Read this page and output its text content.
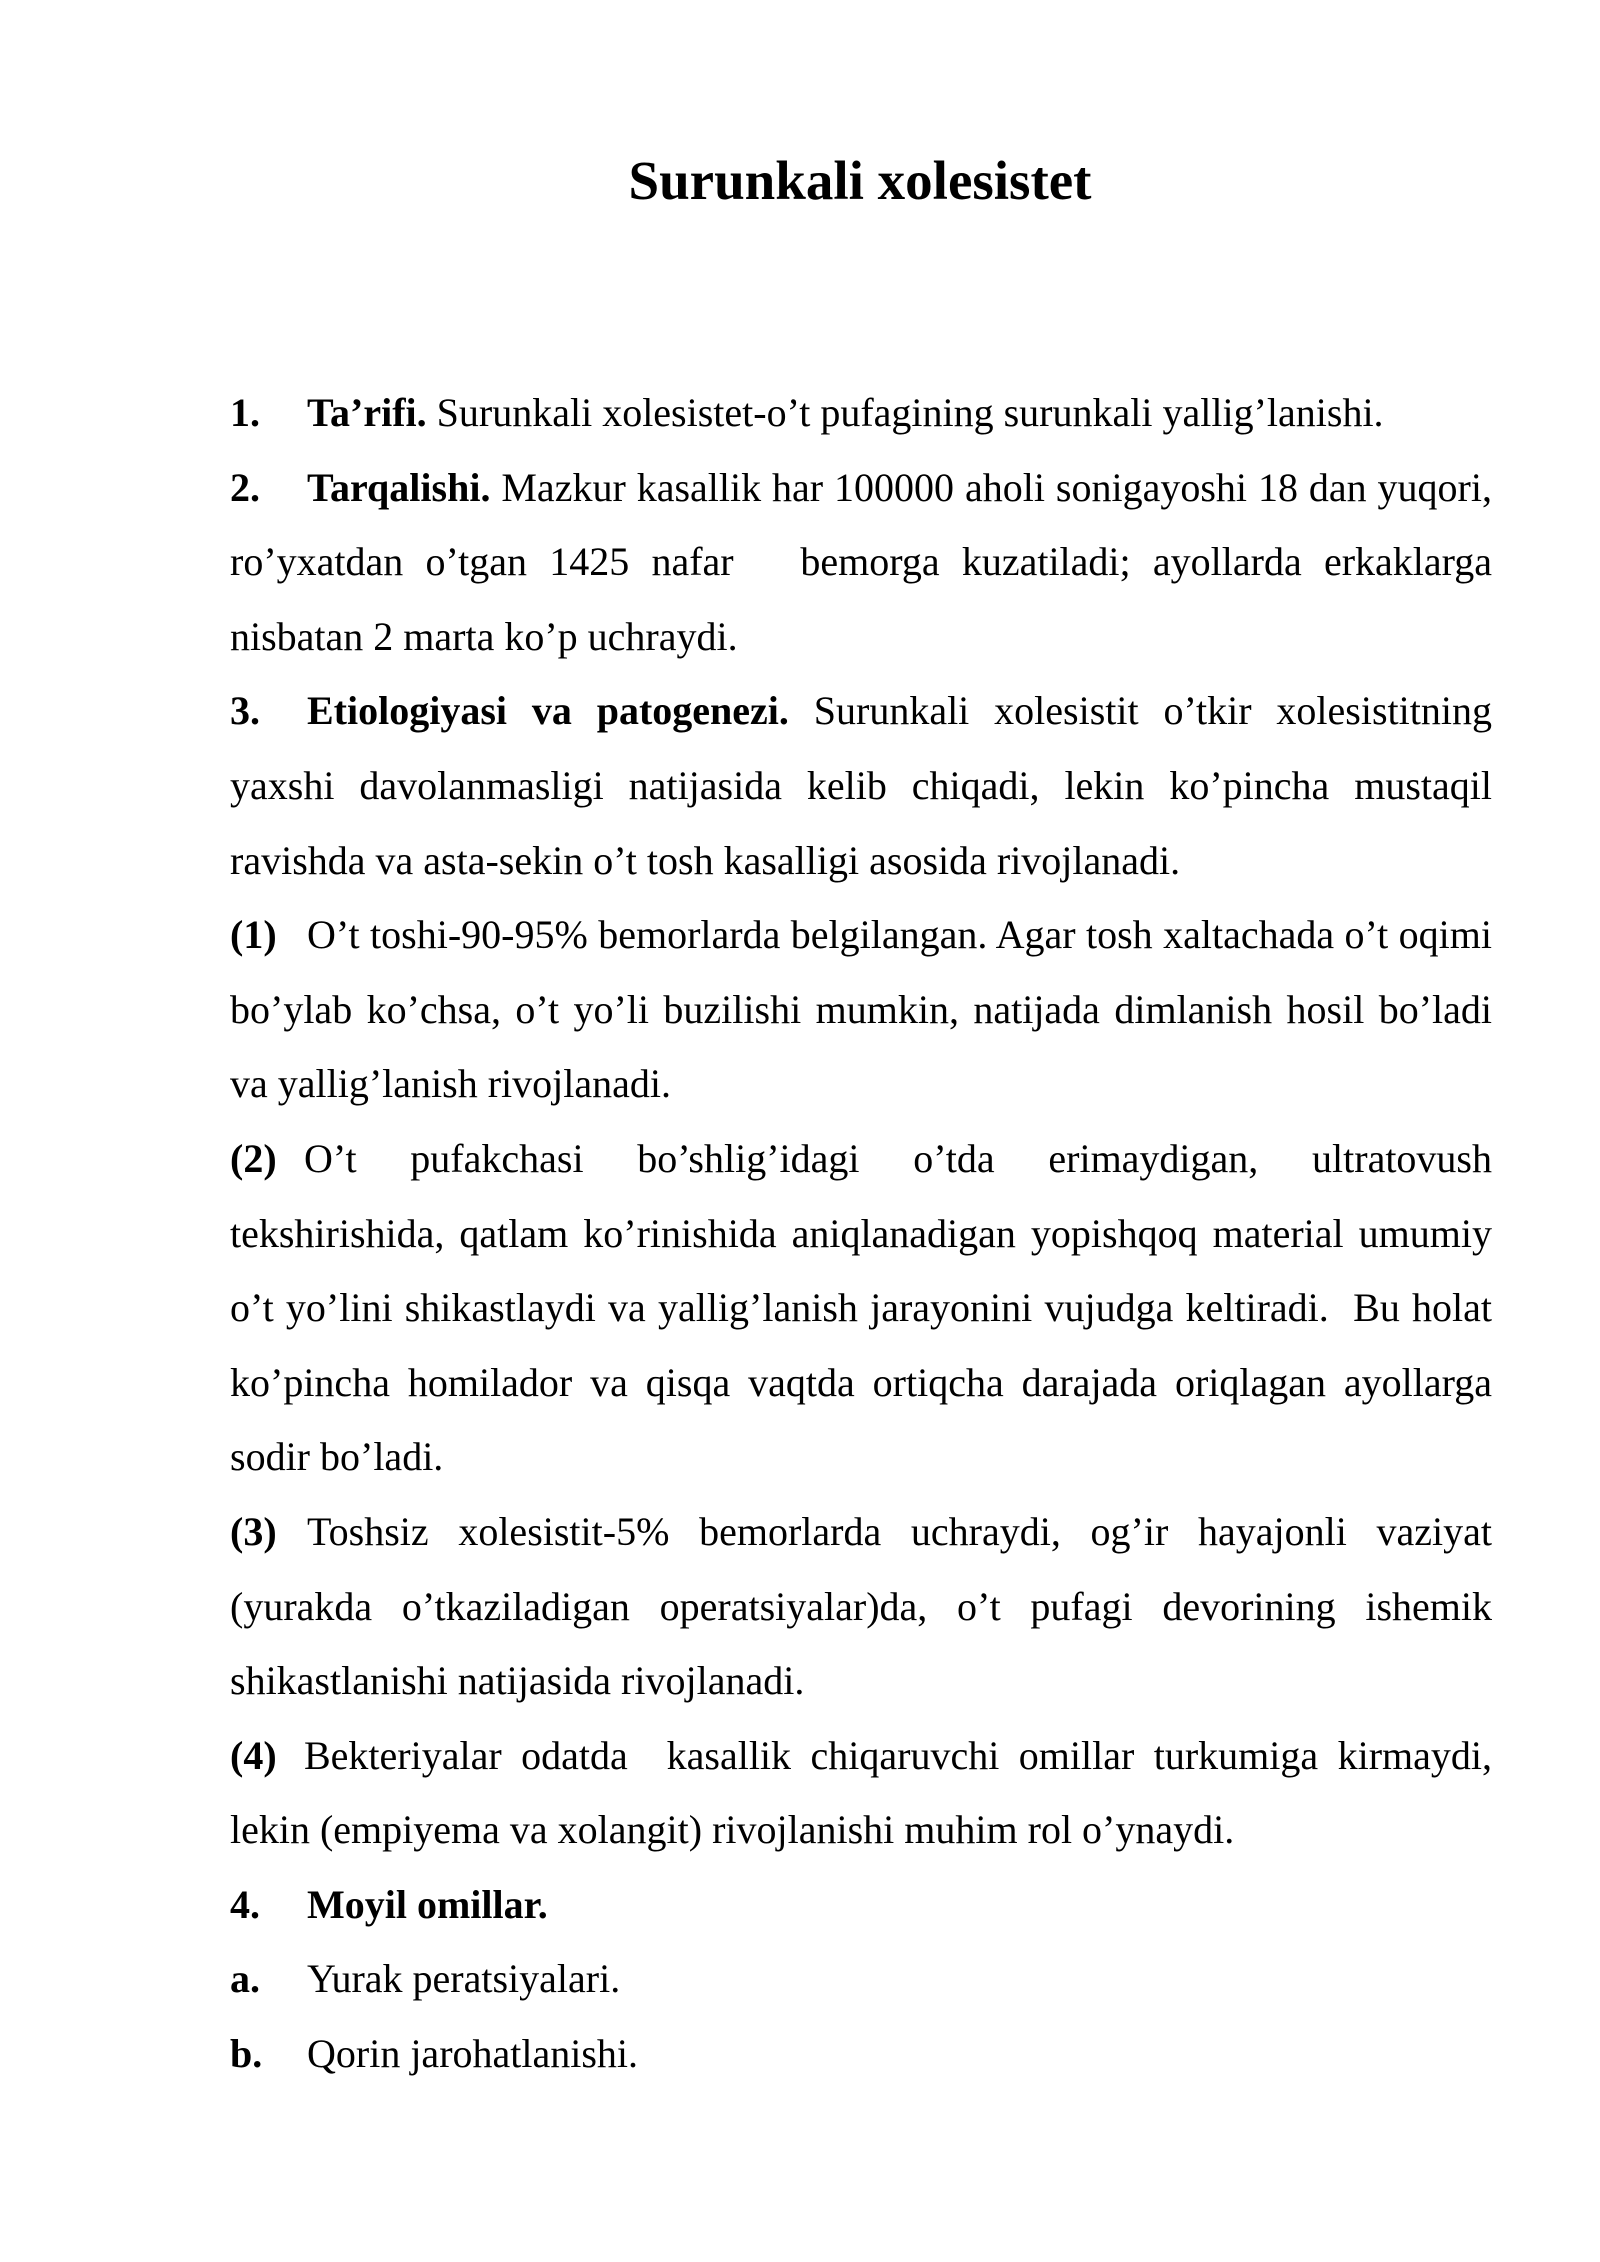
Surunkali xolesistet

1. Ta’rifi. Surunkali xolesistet-o’t pufagining surunkali yallig’lanishi.

2. Tarqalishi. Mazkur kasallik har 100000 aholi sonigayoshi 18 dan yuqori, ro’yxatdan o’tgan 1425 nafar   bemorga kuzatiladi; ayollarda erkaklarga nisbatan 2 marta ko’p uchraydi.

3. Etiologiyasi va patogenezi. Surunkali xolesistit o’tkir xolesistitning yaxshi davolanmasligi natijasida kelib chiqadi, lekin ko’pincha mustaqil ravishda va asta-sekin o’t tosh kasalligi asosida rivojlanadi.

(1) O’t toshi-90-95% bemorlarda belgilangan. Agar tosh xaltachada o’t oqimi bo’ylab ko’chsa, o’t yo’li buzilishi mumkin, natijada dimlanish hosil bo’ladi va yallig’lanish rivojlanadi.

(2) O’t pufakchasi bo’shlig’idagi o’tda erimaydigan, ultratovush tekshirishida, qatlam ko’rinishida aniqlanadigan yopishqoq material umumiy o’t yo’lini shikastlaydi va yallig’lanish jarayonini vujudga keltiradi.  Bu holat ko’pincha homilador va qisqa vaqtda ortiqcha darajada oriqlagan ayollarga sodir bo’ladi.

(3) Toshsiz xolesistit-5% bemorlarda uchraydi, og’ir hayajonli vaziyat (yurakda o’tkaziladigan operatsiyalar)da, o’t pufagi devorining ishemik shikastlanishi natijasida rivojlanadi.

(4) Bekteriyalar odatda  kasallik chiqaruvchi omillar turkumiga kirmaydi, lekin (empiyema va xolangit) rivojlanishi muhim rol o’ynaydi.

4. Moyil omillar.

a. Yurak peratsiyalari.

b. Qorin jarohatlanishi.
